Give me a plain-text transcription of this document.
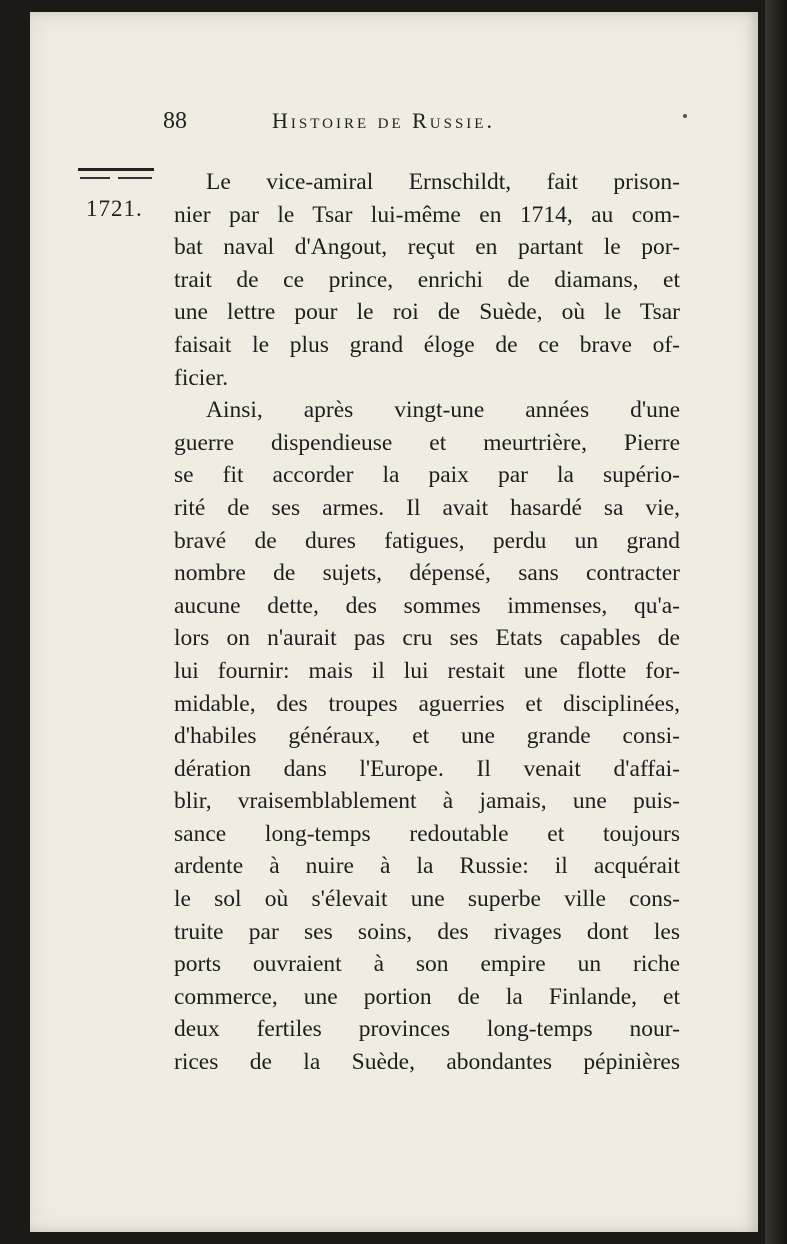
88	Histoire de Russie.
1721.
Le vice-amiral Ernschildt, fait prison-
nier par le Tsar lui-même en 1714, au com-
bat naval d'Angout, reçut en partant le por-
trait de ce prince, enrichi de diamans, et
une lettre pour le roi de Suède, où le Tsar
faisait le plus grand éloge de ce brave of-
ficier.
Ainsi, après vingt-une années d'une
guerre dispendieuse et meurtrière, Pierre
se fit accorder la paix par la supério-
rité de ses armes. Il avait hasardé sa vie,
bravé de dures fatigues, perdu un grand
nombre de sujets, dépensé, sans contracter
aucune dette, des sommes immenses, qu'a-
lors on n'aurait pas cru ses Etats capables de
lui fournir: mais il lui restait une flotte for-
midable, des troupes aguerries et disciplinées,
d'habiles généraux, et une grande consi-
dération dans l'Europe. Il venait d'affai-
blir, vraisemblablement à jamais, une puis-
sance long-temps redoutable et toujours
ardente à nuire à la Russie: il acquérait
le sol où s'élevait une superbe ville cons-
truite par ses soins, des rivages dont les
ports ouvraient à son empire un riche
commerce, une portion de la Finlande, et
deux fertiles provinces long-temps nour-
rices de la Suède, abondantes pépinières
